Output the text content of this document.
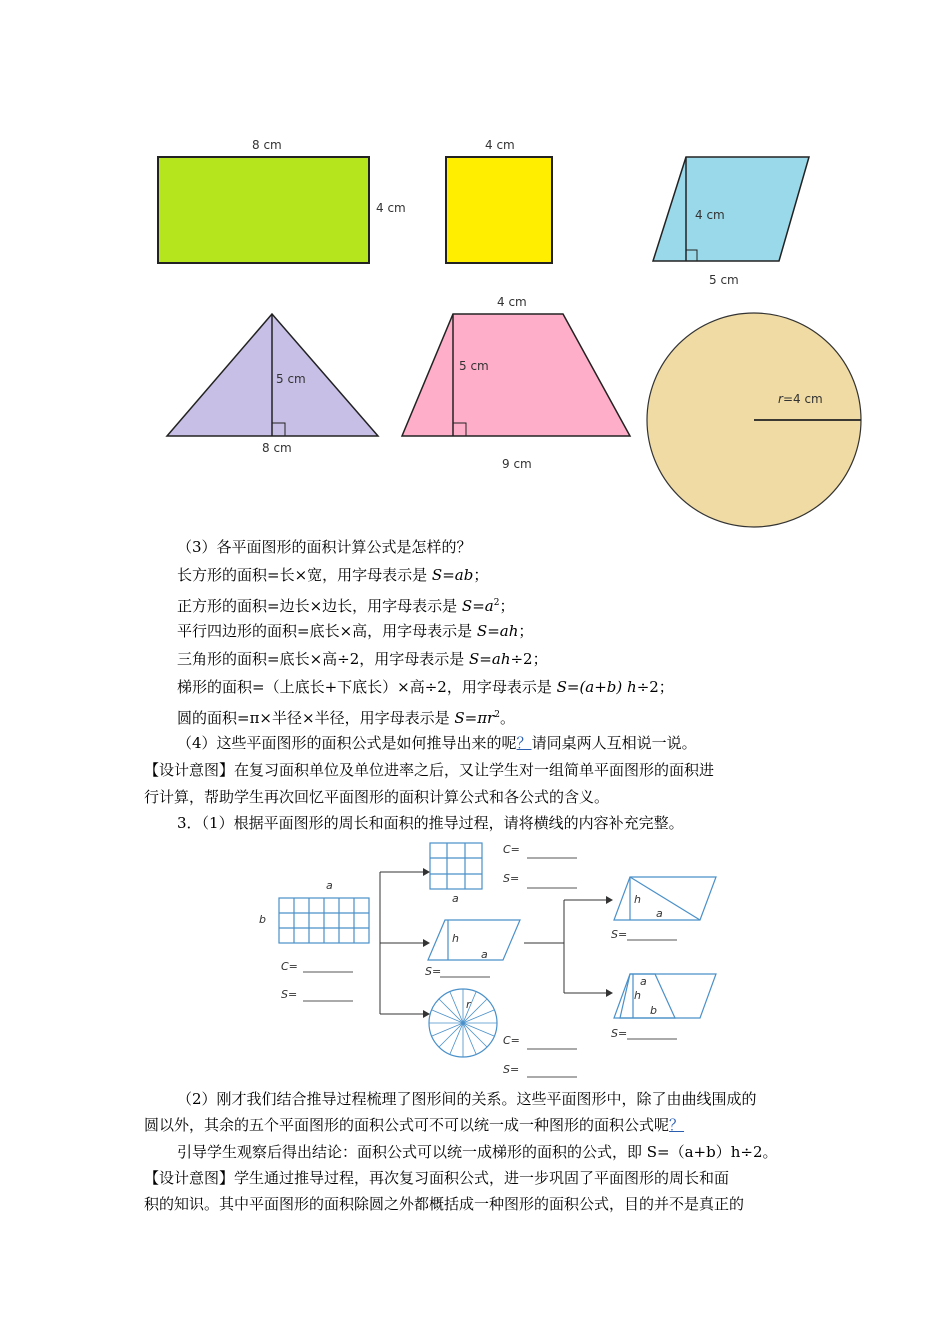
8 cm
4 cm
4 cm
4 cm
5 cm
5 cm
8 cm
4 cm
5 cm
9 cm
r=4 cm
（3）各平面图形的面积计算公式是怎样的？
长方形的面积=长×宽，用字母表示是 S=ab；
正方形的面积=边长×边长，用字母表示是 $S=a^2$；
平行四边形的面积=底长×高，用字母表示是 S=ah；
三角形的面积=底长×高÷2，用字母表示是 S=ah÷2；
梯形的面积=（上底长+下底长）×高÷2，用字母表示是 S=(a+b) h÷2；
圆的面积=π×半径×半径，用字母表示是 $S=\pi r^2$。
（4）这些平面图形的面积公式是如何推导出来的呢？请同桌两人互相说一说。
【设计意图】在复习面积单位及单位进率之后，又让学生对一组简单平面图形的面积进
行计算，帮助学生再次回忆平面图形的面积计算公式和各公式的含义。
3．（1）根据平面图形的周长和面积的推导过程，请将横线的内容补充完整。
a
b
C=
S=
a
C=
S=
h
a
S=
r
C=
S=
h
a
S=
a
h
b
S=
（2）刚才我们结合推导过程梳理了图形间的关系。这些平面图形中，除了由曲线围成的
圆以外，其余的五个平面图形的面积公式可不可以统一成一种图形的面积公式呢？
引导学生观察后得出结论：面积公式可以统一成梯形的面积的公式，即 S=（a+b）h÷2。
【设计意图】学生通过推导过程，再次复习面积公式，进一步巩固了平面图形的周长和面
积的知识。其中平面图形的面积除圆之外都概括成一种图形的面积公式，目的并不是真正的
